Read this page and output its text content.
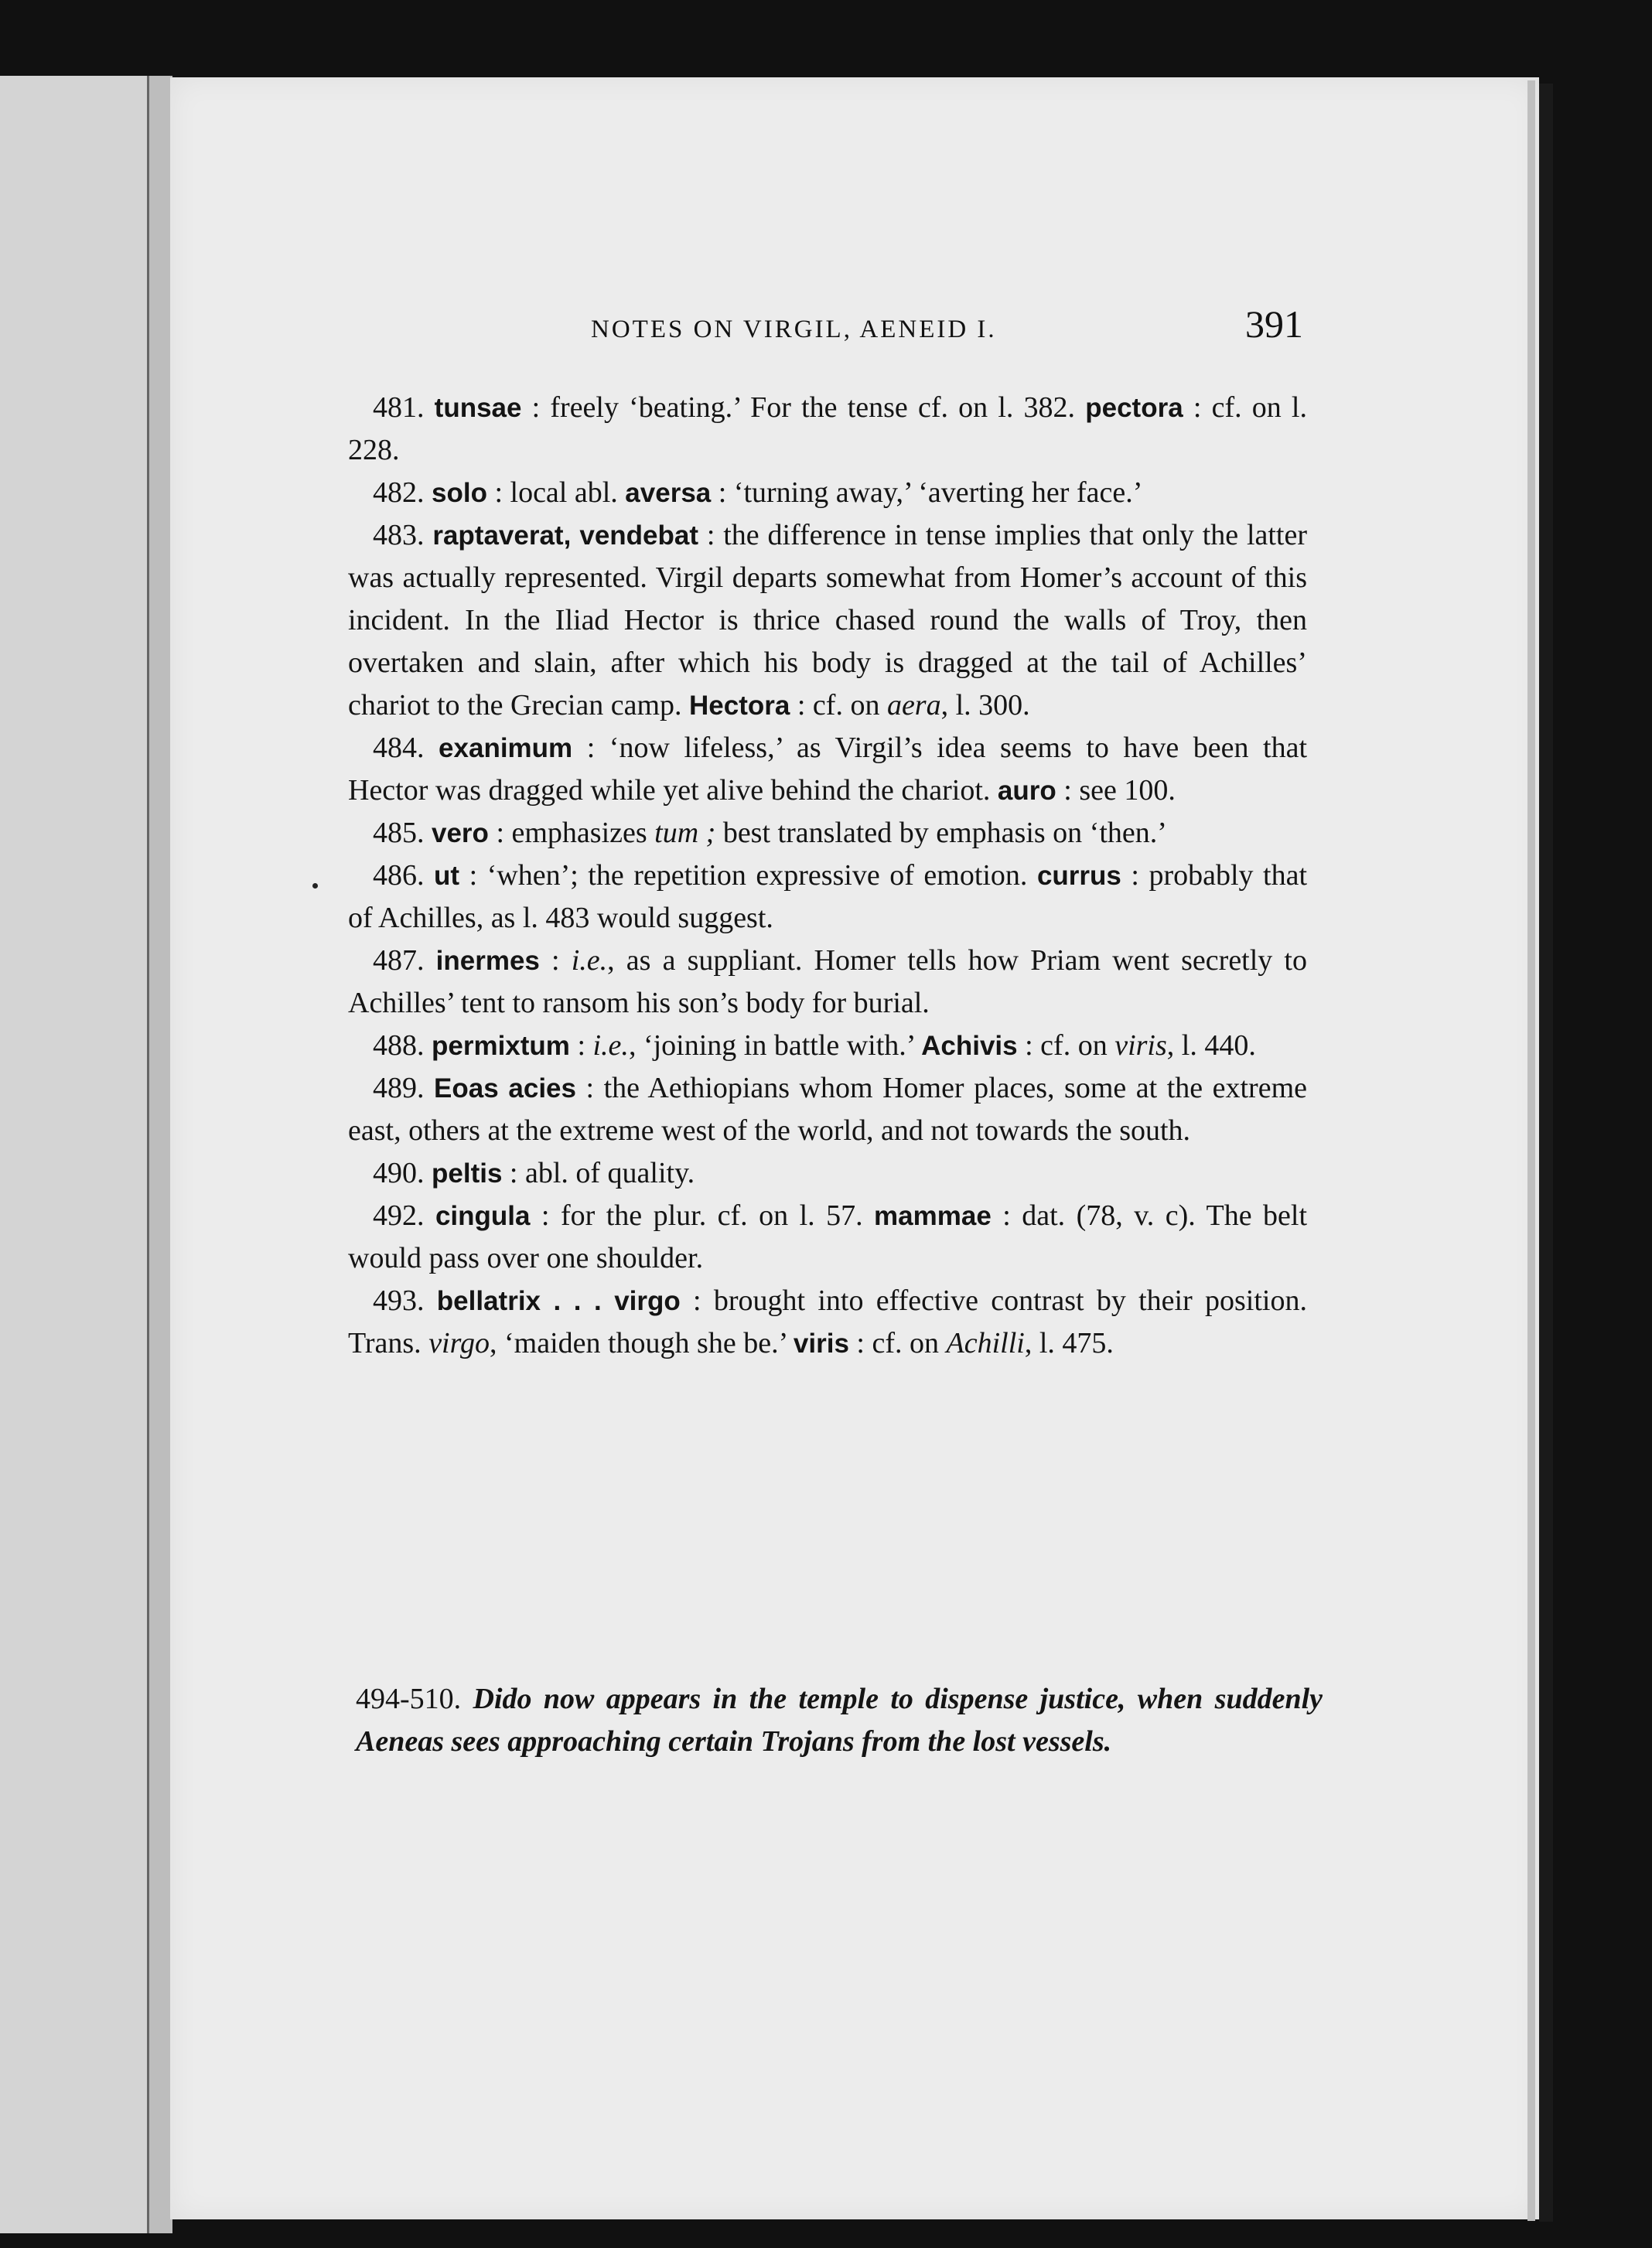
NOTES ON VIRGIL, AENEID I.	391

481. tunsae : freely ‘beating.’ For the tense cf. on l. 382. pectora : cf. on l. 228.

482. solo : local abl. aversa : ‘turning away,’ ‘averting her face.’

483. raptaverat, vendebat : the difference in tense implies that only the latter was actually represented. Virgil departs somewhat from Homer’s account of this incident. In the Iliad Hector is thrice chased round the walls of Troy, then overtaken and slain, after which his body is dragged at the tail of Achilles’ chariot to the Grecian camp. Hectora : cf. on aera, l. 300.

484. exanimum : ‘now lifeless,’ as Virgil’s idea seems to have been that Hector was dragged while yet alive behind the chariot. auro : see 100.

485. vero : emphasizes tum ; best translated by emphasis on ‘then.’

486. ut : ‘when’; the repetition expressive of emotion. currus : probably that of Achilles, as l. 483 would suggest.

487. inermes : i.e., as a suppliant. Homer tells how Priam went secretly to Achilles’ tent to ransom his son’s body for burial.

488. permixtum : i.e., ‘joining in battle with.’ Achivis : cf. on viris, l. 440.

489. Eoas acies : the Aethiopians whom Homer places, some at the extreme east, others at the extreme west of the world, and not towards the south.

490. peltis : abl. of quality.

492. cingula : for the plur. cf. on l. 57. mammae : dat. (78, v. c). The belt would pass over one shoulder.

493. bellatrix . . . virgo : brought into effective contrast by their position. Trans. virgo, ‘maiden though she be.’ viris : cf. on Achilli, l. 475.

494-510. Dido now appears in the temple to dispense justice, when suddenly Aeneas sees approaching certain Trojans from the lost vessels.
